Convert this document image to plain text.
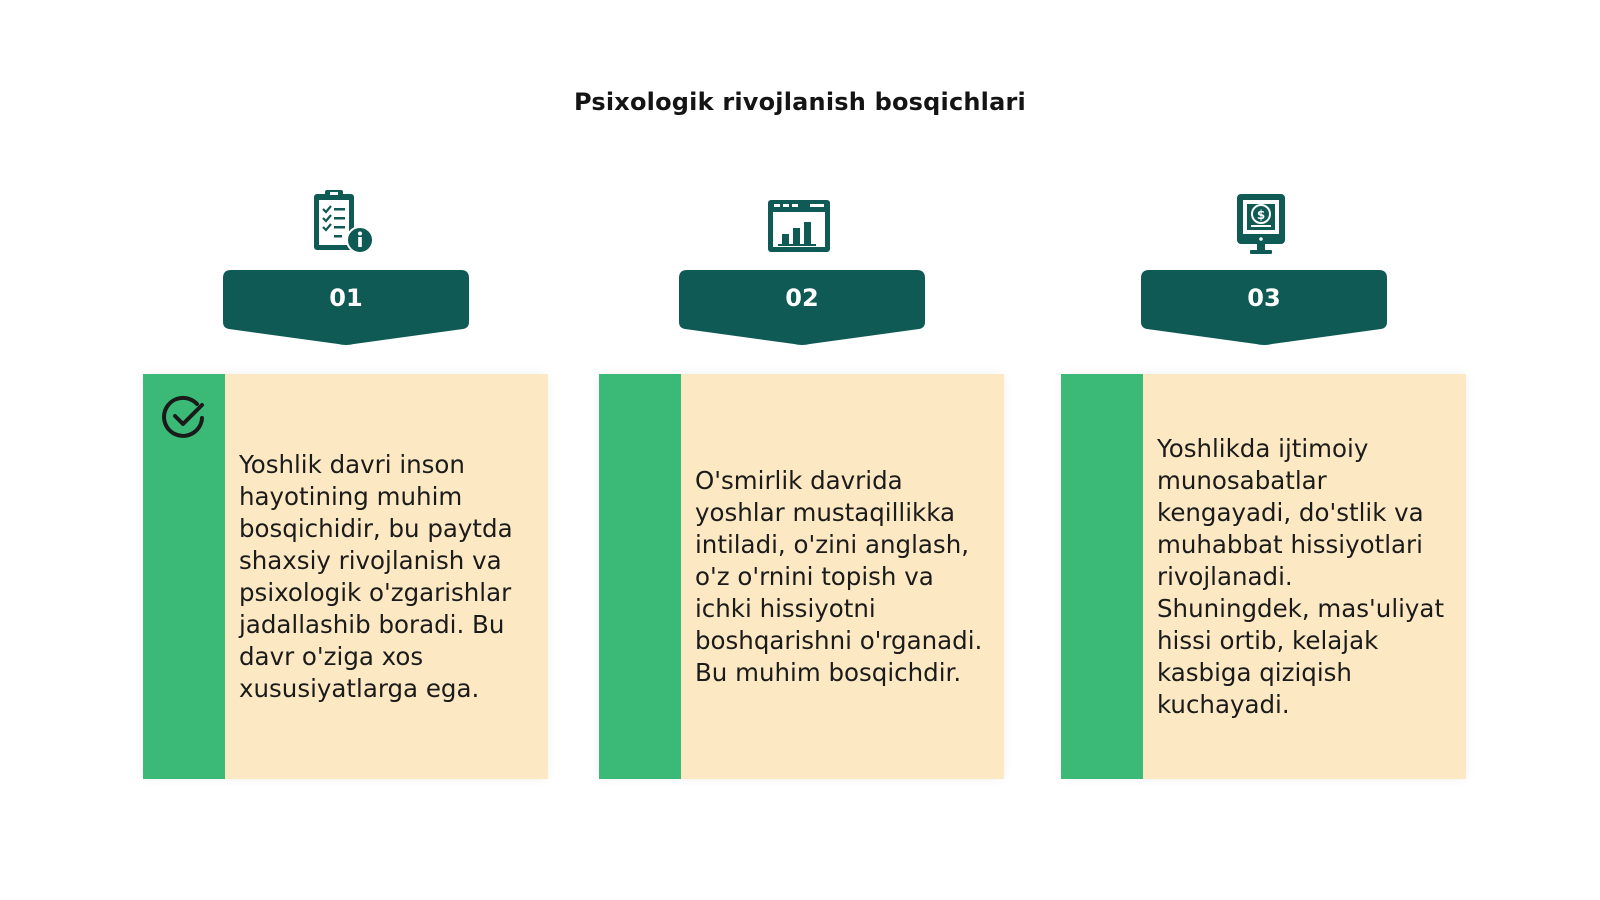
Psixologik rivojlanish bosqichlari
01
Yoshlik davri inson hayotining muhim bosqichidir, bu paytda shaxsiy rivojlanish va psixologik o'zgarishlar jadallashib boradi. Bu davr o'ziga xos xususiyatlarga ega.
02
O'smirlik davrida yoshlar mustaqillikka intiladi, o'zini anglash, o'z o'rnini topish va ichki hissiyotni boshqarishni o'rganadi. Bu muhim bosqichdir.
$
03
Yoshlikda ijtimoiy munosabatlar kengayadi, do'stlik va muhabbat hissiyotlari rivojlanadi. Shuningdek, mas'uliyat hissi ortib, kelajak kasbiga qiziqish kuchayadi.
